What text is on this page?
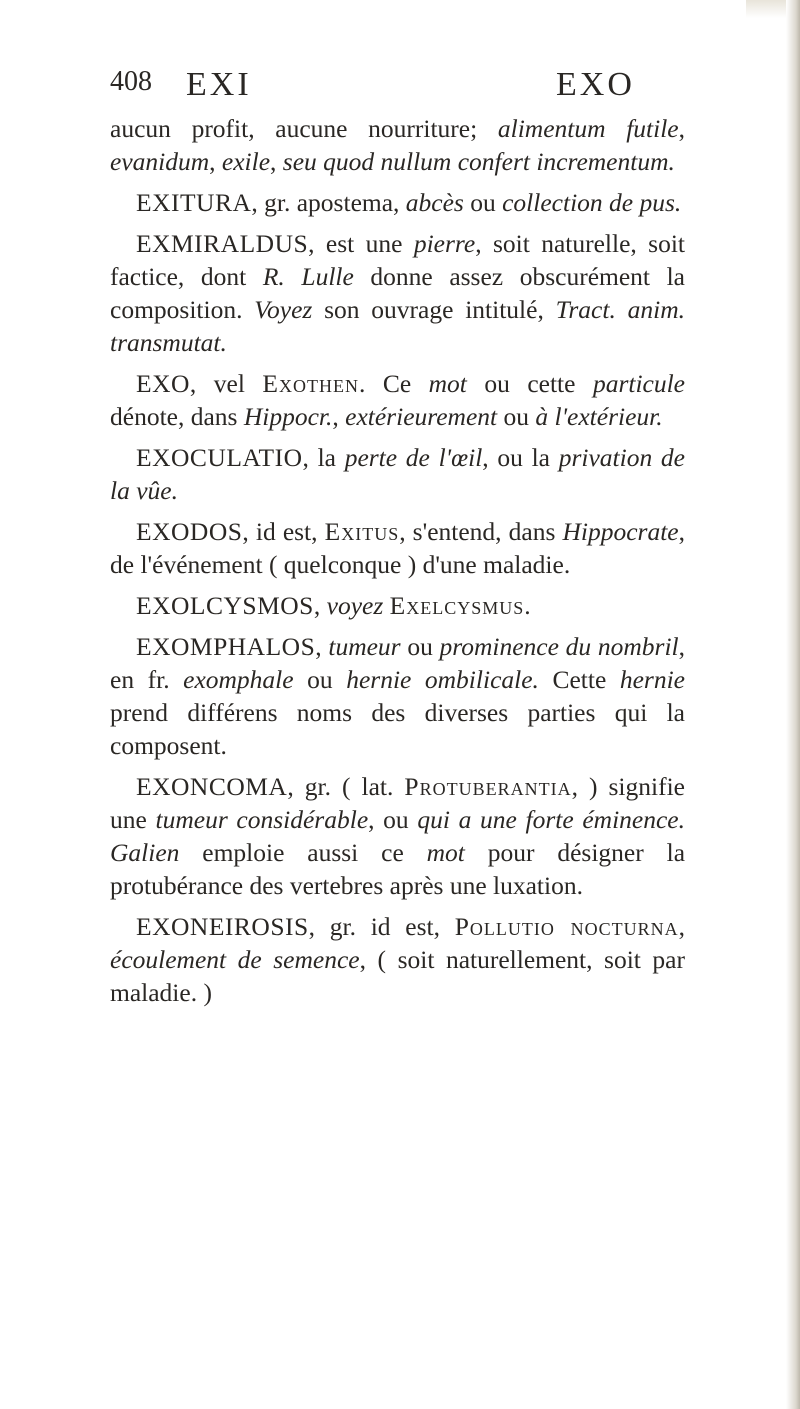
408 EXI	EXO

aucun profit, aucune nourriture; alimentum futile, evanidum, exile, seu quod nullum confert incrementum.

EXITURA, gr. apostema, abcès ou collection de pus.

EXMIRALDUS, est une pierre, soit naturelle, soit factice, dont R. Lulle donne assez obscurément la composition. Voyez son ouvrage intitulé, Tract. anim. transmutat.

EXO, vel Exothen. Ce mot ou cette particule dénote, dans Hippocr., extérieurement ou à l'extérieur.

EXOCULATIO, la perte de l'œil, ou la privation de la vûe.

EXODOS, id est, Exitus, s'entend, dans Hippocrate, de l'événement ( quelconque ) d'une maladie.

EXOLCYSMOS, voyez Exelcysmus.

EXOMPHALOS, tumeur ou prominence du nombril, en fr. exomphale ou hernie ombilicale. Cette hernie prend différens noms des diverses parties qui la composent.

EXONCOMA, gr. ( lat. Protuberantia, ) signifie une tumeur considérable, ou qui a une forte éminence. Galien emploie aussi ce mot pour désigner la protubérance des vertebres après une luxation.

EXONEIROSIS, gr. id est, Pollutio nocturna, écoulement de semence, ( soit naturellement, soit par maladie. )
